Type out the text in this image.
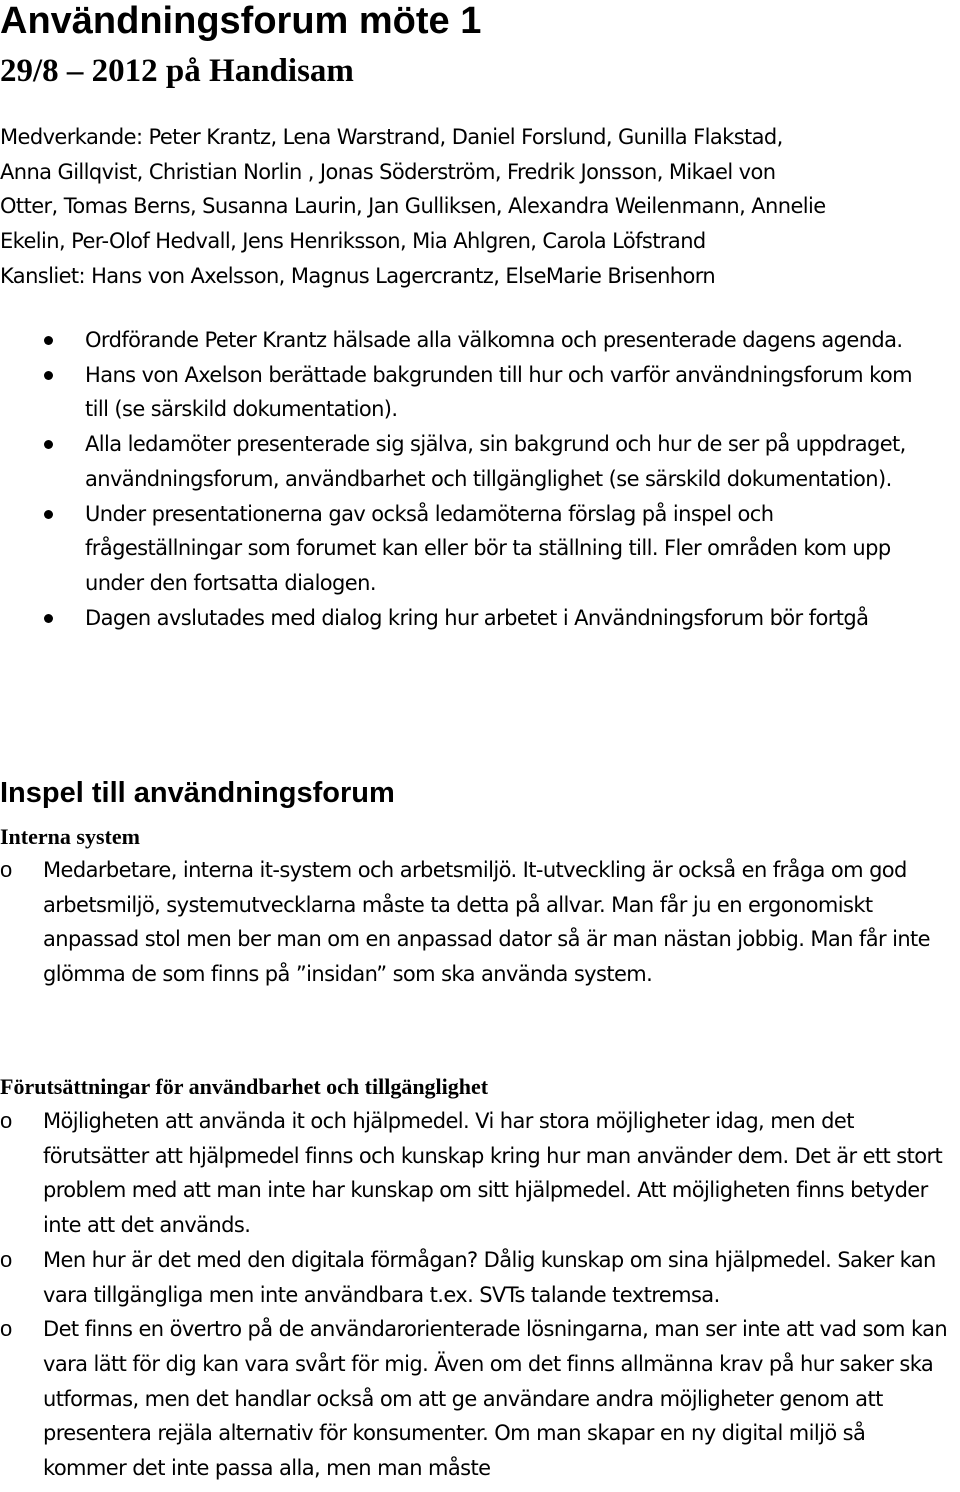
Användningsforum möte 1
29/8 – 2012 på Handisam

Medverkande: Peter Krantz, Lena Warstrand, Daniel Forslund, Gunilla Flakstad,

Anna Gillqvist, Christian Norlin , Jonas Söderström, Fredrik Jonsson, Mikael von

Otter, Tomas Berns, Susanna Laurin, Jan Gulliksen, Alexandra Weilenmann, Annelie

Ekelin, Per-Olof Hedvall, Jens Henriksson, Mia Ahlgren, Carola Löfstrand

Kansliet: Hans von Axelsson, Magnus Lagercrantz, ElseMarie Brisenhorn

Ordförande Peter Krantz hälsade alla välkomna och presenterade dagens agenda.
Hans von Axelson berättade bakgrunden till hur och varför användningsforum kom till (se särskild dokumentation).
Alla ledamöter presenterade sig själva, sin bakgrund och hur de ser på uppdraget, användningsforum, användbarhet och tillgänglighet (se särskild dokumentation).
Under presentationerna gav också ledamöterna förslag på inspel och frågeställningar som forumet kan eller bör ta ställning till. Fler områden kom upp under den fortsatta dialogen.
Dagen avslutades med dialog kring hur arbetet i Användningsforum bör fortgå
Inspel till användningsforum
Interna system
o Medarbetare, interna it-system och arbetsmiljö. It-utveckling är också en fråga om god arbetsmiljö, systemutvecklarna måste ta detta på allvar. Man får ju en ergonomiskt anpassad stol men ber man om en anpassad dator så är man nästan jobbig. Man får inte glömma de som finns på ”insidan” som ska använda system.
Förutsättningar för användbarhet och tillgänglighet
o Möjligheten att använda it och hjälpmedel. Vi har stora möjligheter idag, men det förutsätter att hjälpmedel finns och kunskap kring hur man använder dem. Det är ett stort problem med att man inte har kunskap om sitt hjälpmedel. Att möjligheten finns betyder inte att det används.
o Men hur är det med den digitala förmågan? Dålig kunskap om sina hjälpmedel. Saker kan vara tillgängliga men inte användbara t.ex. SVTs talande textremsa.
o Det finns en övertro på de användarorienterade lösningarna, man ser inte att vad som kan vara lätt för dig kan vara svårt för mig. Även om det finns allmänna krav på hur saker ska utformas, men det handlar också om att ge användare andra möjligheter genom att presentera rejäla alternativ för konsumenter. Om man skapar en ny digital miljö så kommer det inte passa alla, men man måste
